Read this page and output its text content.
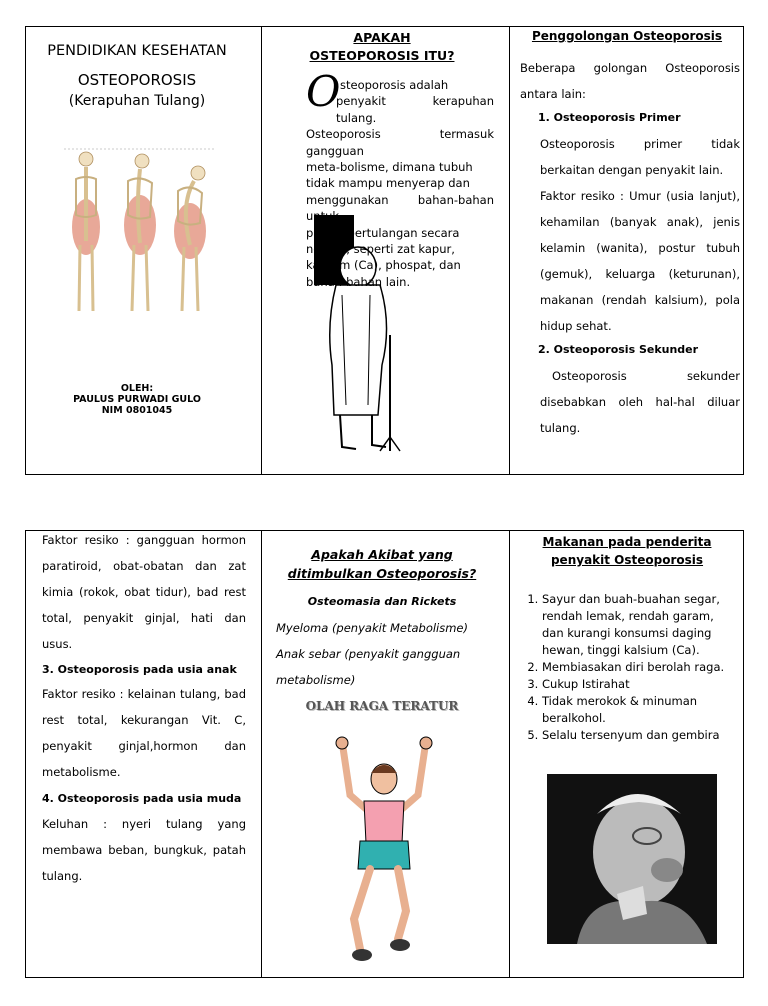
PENDIDIKAN KESEHATAN
OSTEOPOROSIS
(Kerapuhan Tulang)
OLEH:
PAULUS PURWADI GULO
NIM 0801045
APAKAH
OSTEOPOROSIS ITU?
O steoporosis adalah
penyakit kerapuhan tulang.
Osteoporosis termasuk gangguan
meta-bolisme, dimana tubuh
tidak mampu menyerap dan
menggunakan bahan-bahan untuk
proses pertulangan secara
normal, seperti zat kapur,
kalsium (Ca), phospat, dan
bahan-bahan lain.
Penggolongan Osteoporosis
Beberapa golongan Osteoporosis antara lain:
1. Osteoporosis Primer
Osteoporosis primer tidak berkaitan dengan penyakit lain.
Faktor resiko : Umur (usia lanjut), kehamilan (banyak anak), jenis kelamin (wanita), postur tubuh (gemuk), keluarga (keturunan), makanan (rendah kalsium), pola hidup sehat.
2. Osteoporosis Sekunder
Osteoporosis sekunder disebabkan oleh hal-hal diluar tulang.
Faktor resiko : gangguan hormon paratiroid, obat-obatan dan zat kimia (rokok, obat tidur), bad rest total, penyakit ginjal, hati dan usus.
3. Osteoporosis pada usia anak
Faktor resiko : kelainan tulang, bad rest total, kekurangan Vit. C, penyakit ginjal,hormon dan metabolisme.
4. Osteoporosis pada usia muda
Keluhan : nyeri tulang yang membawa beban, bungkuk, patah tulang.
Apakah Akibat yang
ditimbulkan Osteoporosis?
Osteomasia dan Rickets
Myeloma (penyakit Metabolisme)
Anak sebar (penyakit gangguan metabolisme)
OLAH RAGA TERATUR
Makanan pada penderita
penyakit Osteoporosis
1. Sayur dan buah-buahan segar, rendah lemak, rendah garam, dan kurangi konsumsi daging hewan, tinggi kalsium (Ca).
2. Membiasakan diri berolah raga.
3. Cukup Istirahat
4. Tidak merokok & minuman beralkohol.
5. Selalu tersenyum dan gembira
